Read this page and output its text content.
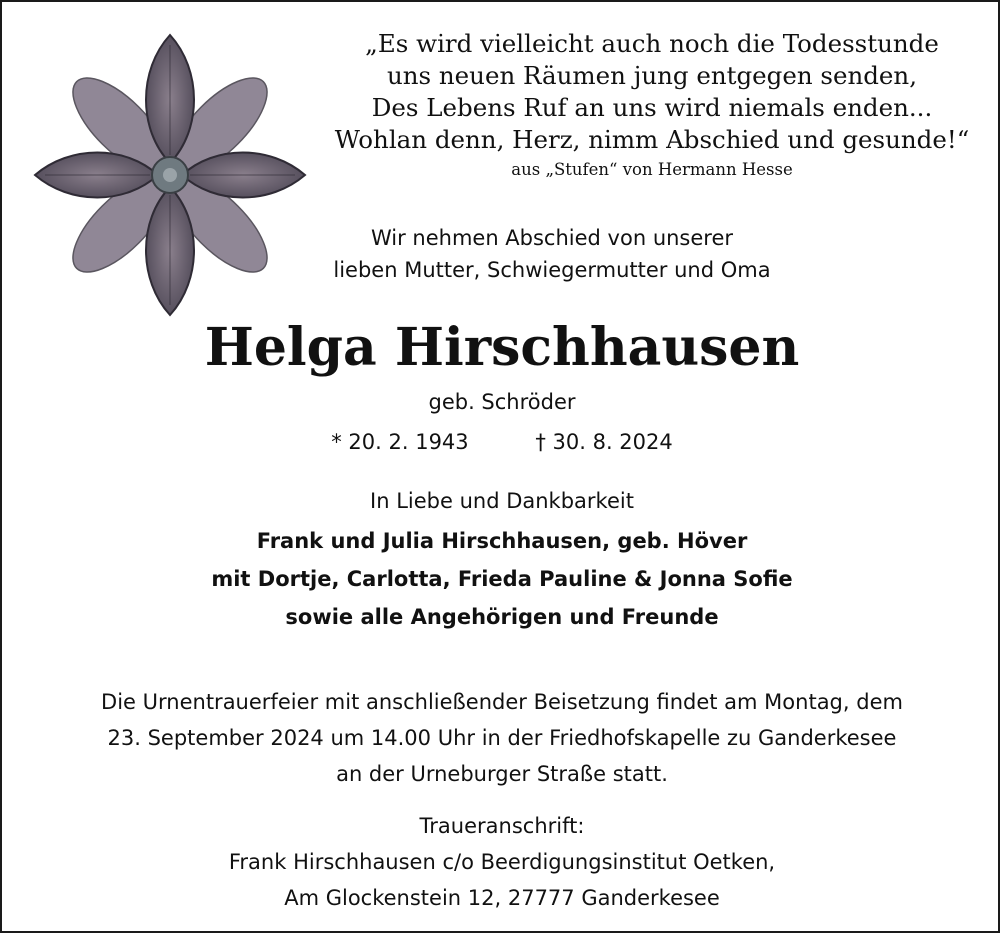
„Es wird vielleicht auch noch die Todesstunde
uns neuen Räumen jung entgegen senden,
Des Lebens Ruf an uns wird niemals enden...
Wohlan denn, Herz, nimm Abschied und gesunde!“
aus „Stufen“ von Hermann Hesse
Wir nehmen Abschied von unserer
lieben Mutter, Schwiegermutter und Oma
Helga Hirschhausen
geb. Schröder
* 20. 2. 1943	† 30. 8. 2024
In Liebe und Dankbarkeit
Frank und Julia Hirschhausen, geb. Höver
mit Dortje, Carlotta, Frieda Pauline & Jonna Sofie
sowie alle Angehörigen und Freunde
Die Urnentrauerfeier mit anschließender Beisetzung findet am Montag, dem
23. September 2024 um 14.00 Uhr in der Friedhofskapelle zu Ganderkesee
an der Urneburger Straße statt.
Traueranschrift:
Frank Hirschhausen c/o Beerdigungsinstitut Oetken,
Am Glockenstein 12, 27777 Ganderkesee
